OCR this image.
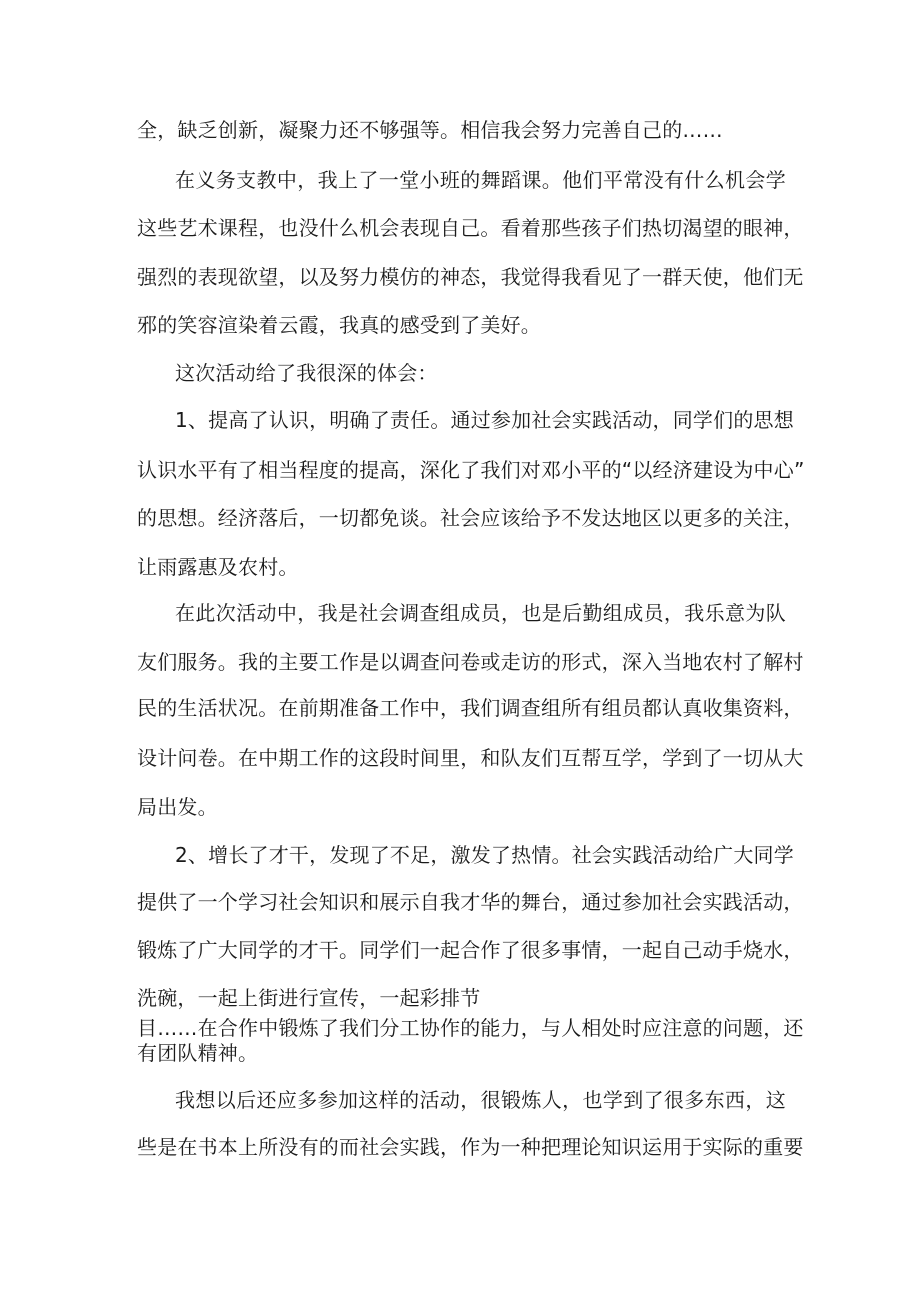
全，缺乏创新，凝聚力还不够强等。相信我会努力完善自己的……
在义务支教中，我上了一堂小班的舞蹈课。他们平常没有什么机会学
这些艺术课程，也没什么机会表现自己。看着那些孩子们热切渴望的眼神，
强烈的表现欲望，以及努力模仿的神态，我觉得我看见了一群天使，他们无
邪的笑容渲染着云霞，我真的感受到了美好。
这次活动给了我很深的体会：
1、提高了认识，明确了责任。通过参加社会实践活动，同学们的思想
认识水平有了相当程度的提高，深化了我们对邓小平的“以经济建设为中心”
的思想。经济落后，一切都免谈。社会应该给予不发达地区以更多的关注，
让雨露惠及农村。
在此次活动中，我是社会调查组成员，也是后勤组成员，我乐意为队
友们服务。我的主要工作是以调查问卷或走访的形式，深入当地农村了解村
民的生活状况。在前期准备工作中，我们调查组所有组员都认真收集资料，
设计问卷。在中期工作的这段时间里，和队友们互帮互学，学到了一切从大
局出发。
2、增长了才干，发现了不足，激发了热情。社会实践活动给广大同学
提供了一个学习社会知识和展示自我才华的舞台，通过参加社会实践活动，
锻炼了广大同学的才干。同学们一起合作了很多事情，一起自己动手烧水，
洗碗，一起上街进行宣传，一起彩排节
目……在合作中锻炼了我们分工协作的能力，与人相处时应注意的问题，还
有团队精神。
我想以后还应多参加这样的活动，很锻炼人，也学到了很多东西，这
些是在书本上所没有的而社会实践，作为一种把理论知识运用于实际的重要
